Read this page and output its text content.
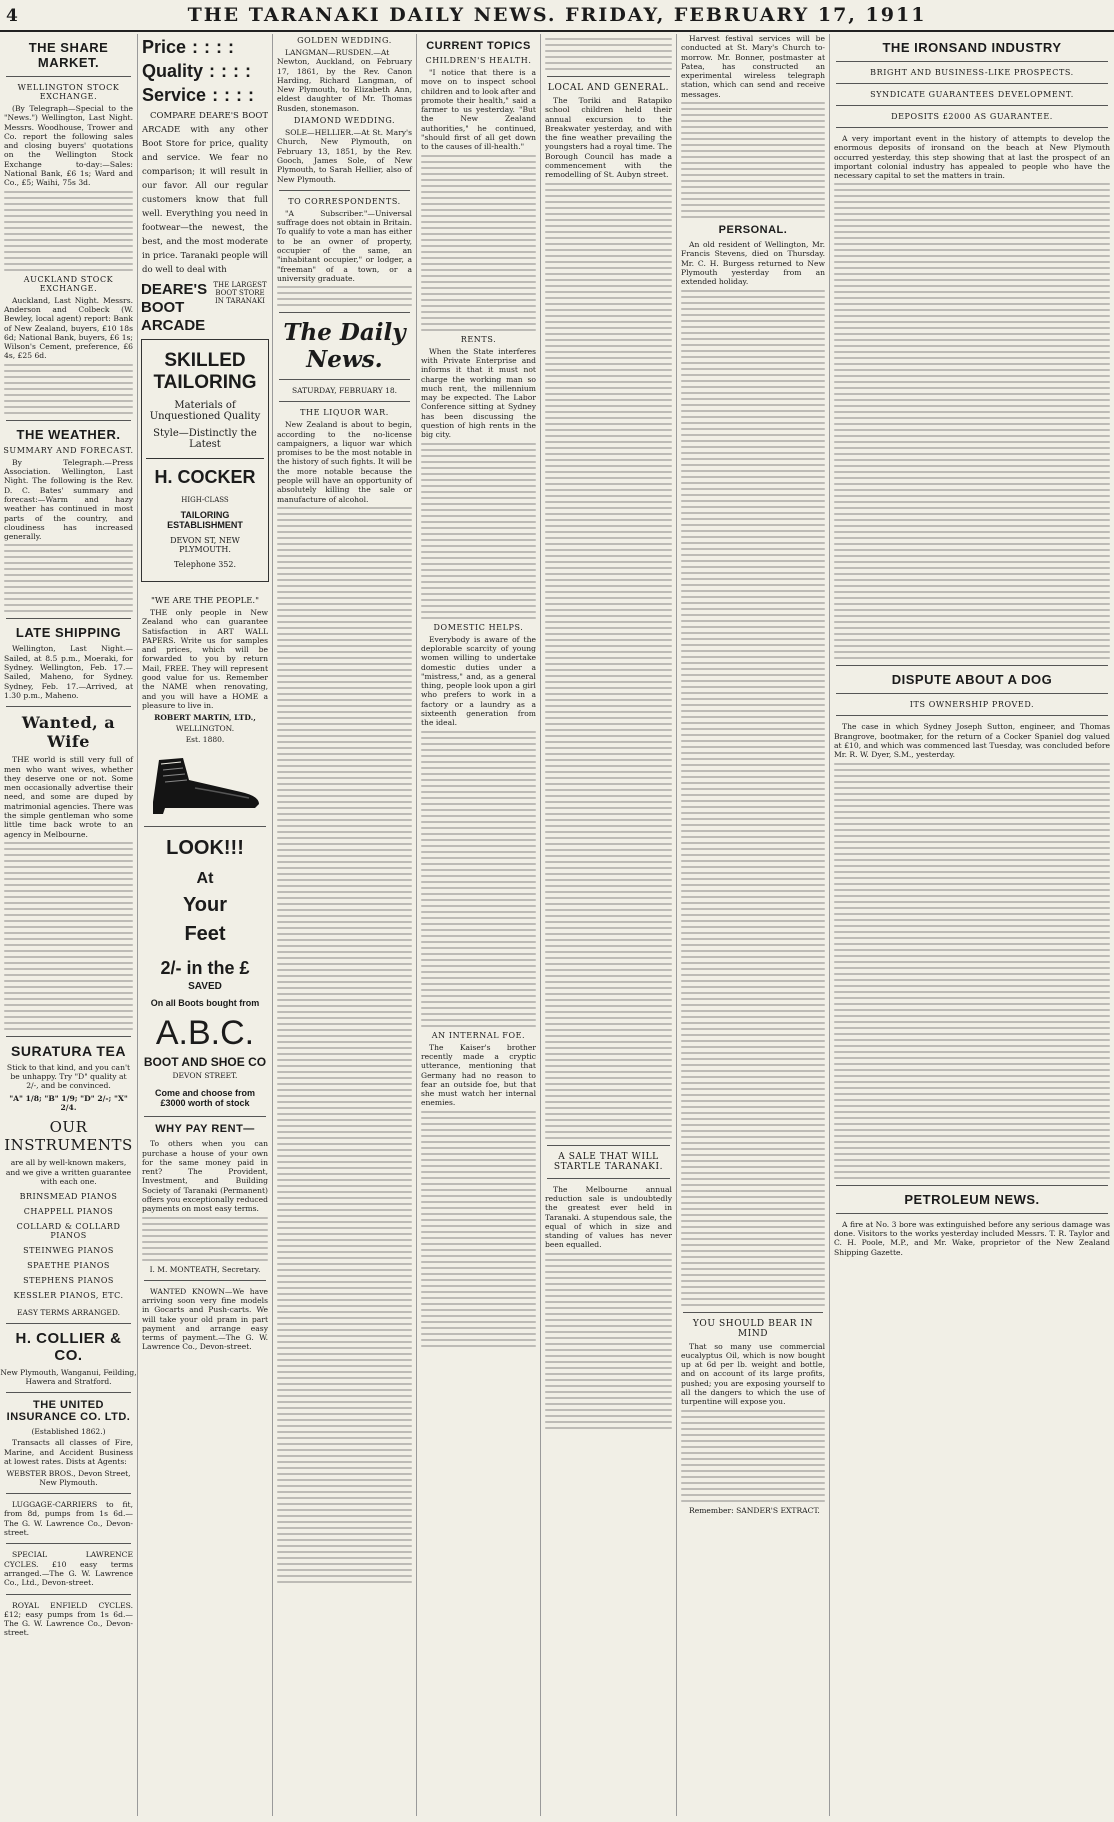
4	THE TARANAKI DAILY NEWS. FRIDAY, FEBRUARY 17, 1911
THE SHARE MARKET.
WELLINGTON STOCK EXCHANGE.

(By Telegraph—Special to the "News.") Wellington, Last Night. Messrs. Woodhouse, Trower and Co. report the following sales and closing buyers' quotations on the Wellington Stock Exchange to-day:—Sales: National Bank, £6 1s; Ward and Co., £5; Waihi, 75s 3d.

AUCKLAND STOCK EXCHANGE.

Auckland, Last Night. Messrs. Anderson and Colbeck (W. Bewley, local agent) report: Bank of New Zealand, buyers, £10 18s 6d; National Bank, buyers, £6 1s; Wilson's Cement, preference, £6 4s, £25 6d.

THE WEATHER.
SUMMARY AND FORECAST.

By Telegraph.—Press Association. Wellington, Last Night. The following is the Rev. D. C. Bates' summary and forecast:—Warm and hazy weather has continued in most parts of the country, and cloudiness has increased generally.

LATE SHIPPING

Wellington, Last Night.—Sailed, at 8.5 p.m., Moeraki, for Sydney. Wellington, Feb. 17.—Sailed, Maheno, for Sydney. Sydney, Feb. 17.—Arrived, at 1.30 p.m., Maheno.

Wanted, a Wife

THE world is still very full of men who want wives, whether they deserve one or not. Some men occasionally advertise their need, and some are duped by matrimonial agencies. There was the simple gentleman who some little time back wrote to an agency in Melbourne.

SURATURA TEA

Stick to that kind, and you can't be unhappy. Try "D" quality at 2/-, and be convinced.

"A" 1/8; "B" 1/9; "D" 2/-; "X" 2/4.

OUR INSTRUMENTS

are all by well-known makers, and we give a written guarantee with each one.

BRINSMEAD PIANOS
CHAPPELL PIANOS
COLLARD & COLLARD PIANOS
STEINWEG PIANOS
SPAETHE PIANOS
STEPHENS PIANOS
KESSLER PIANOS, ETC.
EASY TERMS ARRANGED.
H. COLLIER & CO.
New Plymouth, Wanganui, Feilding, Hawera and Stratford.
THE UNITED INSURANCE CO. LTD.
(Established 1862.)

Transacts all classes of Fire, Marine, and Accident Business at lowest rates. Dists at Agents:

WEBSTER BROS., Devon Street, New Plymouth.

LUGGAGE-CARRIERS to fit, from 8d, pumps from 1s 6d.—The G. W. Lawrence Co., Devon-street.

SPECIAL LAWRENCE CYCLES. £10 easy terms arranged.—The G. W. Lawrence Co., Ltd., Devon-street.

ROYAL ENFIELD CYCLES. £12; easy pumps from 1s 6d.—The G. W. Lawrence Co., Devon-street.

Price ::::
Quality ::::
Service ::::

COMPARE DEARE'S BOOT ARCADE with any other Boot Store for price, quality and service. We fear no comparison; it will result in our favor. All our regular customers know that full well. Everything you need in footwear—the newest, the best, and the most moderate in price. Taranaki people will do well to deal with

DEARE'S BOOT ARCADE
THE LARGEST BOOT STORE IN TARANAKI
SKILLED TAILORING
Materials of Unquestioned Quality
Style—Distinctly the Latest
H. COCKER
HIGH-CLASS
TAILORING ESTABLISHMENT
DEVON ST, NEW PLYMOUTH.
Telephone 352.
"WE ARE THE PEOPLE."

THE only people in New Zealand who can guarantee Satisfaction in ART WALL PAPERS. Write us for samples and prices, which will be forwarded to you by return Mail, FREE. They will represent good value for us. Remember the NAME when renovating, and you will have a HOME a pleasure to live in.

ROBERT MARTIN, LTD.,
WELLINGTON.
Est. 1880.
LOOK!!!
At
Your
Feet
2/- in the £
SAVED
On all Boots bought from
A.B.C.
BOOT AND SHOE CO
DEVON STREET.
Come and choose from £3000 worth of stock
WHY PAY RENT—

To others when you can purchase a house of your own for the same money paid in rent? The Provident, Investment, and Building Society of Taranaki (Permanent) offers you exceptionally reduced payments on most easy terms.

I. M. MONTEATH, Secretary.

WANTED KNOWN—We have arriving soon very fine models in Gocarts and Push-carts. We will take your old pram in part payment and arrange easy terms of payment.—The G. W. Lawrence Co., Devon-street.

GOLDEN WEDDING.

LANGMAN—RUSDEN.—At Newton, Auckland, on February 17, 1861, by the Rev. Canon Harding, Richard Langman, of New Plymouth, to Elizabeth Ann, eldest daughter of Mr. Thomas Rusden, stonemason.

DIAMOND WEDDING.

SOLE—HELLIER.—At St. Mary's Church, New Plymouth, on February 13, 1851, by the Rev. Gooch, James Sole, of New Plymouth, to Sarah Hellier, also of New Plymouth.

TO CORRESPONDENTS.

"A Subscriber."—Universal suffrage does not obtain in Britain. To qualify to vote a man has either to be an owner of property, occupier of the same, an "inhabitant occupier," or lodger, a "freeman" of a town, or a university graduate.

The Daily News.
SATURDAY, FEBRUARY 18.
THE LIQUOR WAR.

New Zealand is about to begin, according to the no-license campaigners, a liquor war which promises to be the most notable in the history of such fights. It will be the more notable because the people will have an opportunity of absolutely killing the sale or manufacture of alcohol.

CURRENT TOPICS
CHILDREN'S HEALTH.

"I notice that there is a move on to inspect school children and to look after and promote their health," said a farmer to us yesterday. "But the New Zealand authorities," he continued, "should first of all get down to the causes of ill-health."

RENTS.

When the State interferes with Private Enterprise and informs it that it must not charge the working man so much rent, the millennium may be expected. The Labor Conference sitting at Sydney has been discussing the question of high rents in the big city.

DOMESTIC HELPS.

Everybody is aware of the deplorable scarcity of young women willing to undertake domestic duties under a "mistress," and, as a general thing, people look upon a girl who prefers to work in a factory or a laundry as a sixteenth generation from the ideal.

AN INTERNAL FOE.

The Kaiser's brother recently made a cryptic utterance, mentioning that Germany had no reason to fear an outside foe, but that she must watch her internal enemies.

LOCAL AND GENERAL.

The Toriki and Ratapiko school children held their annual excursion to the Breakwater yesterday, and with the fine weather prevailing the youngsters had a royal time. The Borough Council has made a commencement with the remodelling of St. Aubyn street.

A SALE THAT WILL STARTLE TARANAKI.

The Melbourne annual reduction sale is undoubtedly the greatest ever held in Taranaki. A stupendous sale, the equal of which in size and standing of values has never been equalled.

Harvest festival services will be conducted at St. Mary's Church to-morrow. Mr. Bonner, postmaster at Patea, has constructed an experimental wireless telegraph station, which can send and receive messages.

PERSONAL.

An old resident of Wellington, Mr. Francis Stevens, died on Thursday. Mr. C. H. Burgess returned to New Plymouth yesterday from an extended holiday.

YOU SHOULD BEAR IN MIND

That so many use commercial eucalyptus Oil, which is now bought up at 6d per lb. weight and bottle, and on account of its large profits, pushed; you are exposing yourself to all the dangers to which the use of turpentine will expose you.

Remember: SANDER'S EXTRACT.

THE IRONSAND INDUSTRY
BRIGHT AND BUSINESS-LIKE PROSPECTS.
SYNDICATE GUARANTEES DEVELOPMENT.
DEPOSITS £2000 AS GUARANTEE.

A very important event in the history of attempts to develop the enormous deposits of ironsand on the beach at New Plymouth occurred yesterday, this step showing that at last the prospect of an important colonial industry has appealed to people who have the necessary capital to set the matters in train.

DISPUTE ABOUT A DOG
ITS OWNERSHIP PROVED.

The case in which Sydney Joseph Sutton, engineer, and Thomas Brangrove, bootmaker, for the return of a Cocker Spaniel dog valued at £10, and which was commenced last Tuesday, was concluded before Mr. R. W. Dyer, S.M., yesterday.

PETROLEUM NEWS.

A fire at No. 3 bore was extinguished before any serious damage was done. Visitors to the works yesterday included Messrs. T. R. Taylor and C. H. Poole, M.P., and Mr. Wake, proprietor of the New Zealand Shipping Gazette.
